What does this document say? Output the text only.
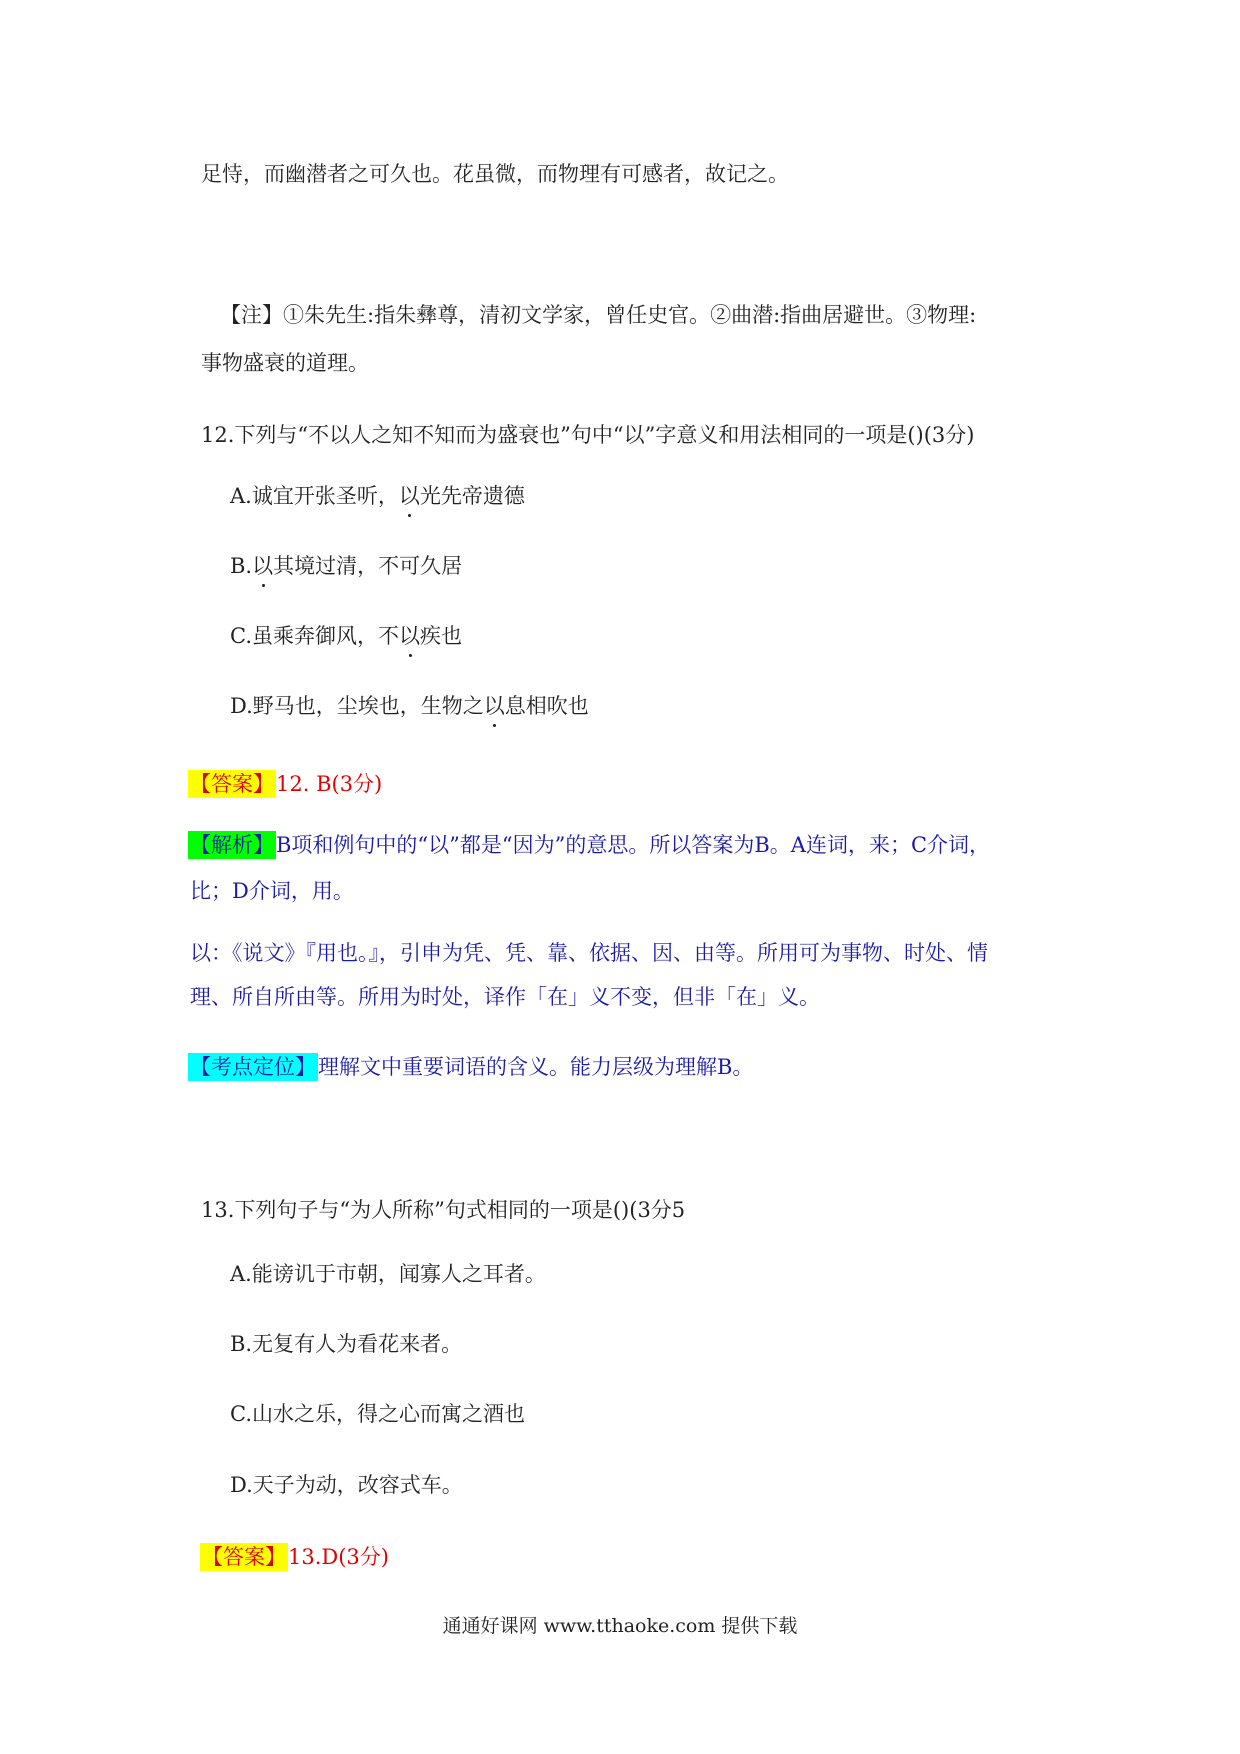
足恃，而幽潜者之可久也。花虽微，而物理有可感者，故记之。
【注】①朱先生:指朱彝尊，清初文学家，曾任史官。②曲潜:指曲居避世。③物理:
事物盛衰的道理。
12.下列与“不以人之知不知而为盛衰也”句中“以”字意义和用法相同的一项是()(3分)
A.诚宜开张圣听，以光先帝遗德
B.以其境过清，不可久居
C.虽乘奔御风，不以疾也
D.野马也，尘埃也，生物之以息相吹也
【答案】12. B(3分)
【解析】B项和例句中的“以”都是“因为”的意思。所以答案为B。A连词，来；C介词，
比；D介词，用。
以：《说文》『用也。』，引申为凭、凭、靠、依据、因、由等。所用可为事物、时处、情
理、所自所由等。所用为时处，译作「在」义不变，但非「在」义。
【考点定位】理解文中重要词语的含义。能力层级为理解B。
13.下列句子与“为人所称”句式相同的一项是()(3分5
A.能谤讥于市朝，闻寡人之耳者。
B.无复有人为看花来者。
C.山水之乐，得之心而寓之酒也
D.天子为动，改容式车。
【答案】13.D(3分)
通通好课网 www.tthaoke.com 提供下载
